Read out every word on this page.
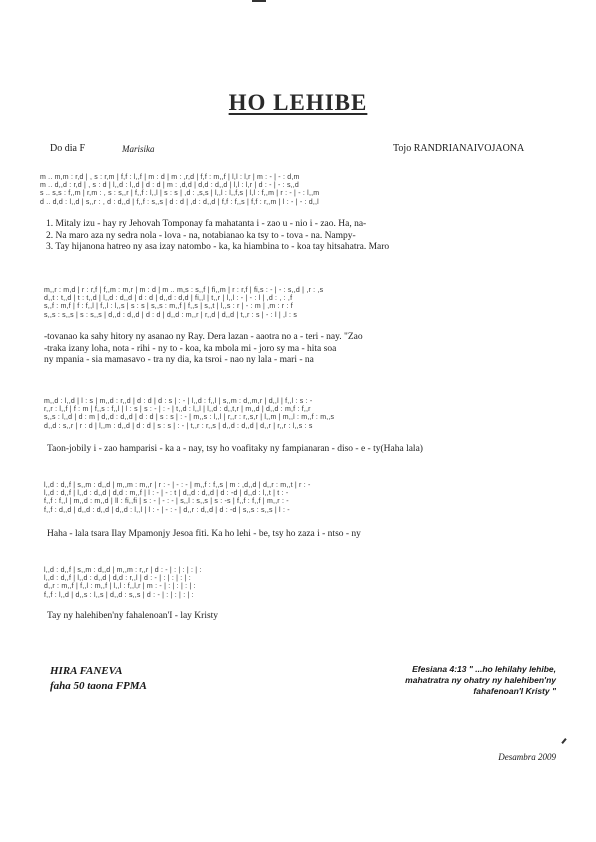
HO LEHIBE
Do dia F	Marisika	Tojo RANDRIANAIVOJAONA
m .. m,m : r,d | , s : r,m | f,f : l,,f | m : d | m : ,r,d | f,f : m,,f | l,l : l,r | m : - | - : d,m
m .. d,,d : r,d | , s : d | l,,d : l,,d | d : d | m : ,d,d | d,d : d,,d | l,l : l,r | d : - | - : s,,d
s .. s,s : f,,m | r,m : , s : s,,r | f,,f : l,,l | s : s | ,d : ,s,s | l,,l : l,,f,s | l,l : f,,m | r : - | - : l,,m
d .. d,d : l,,d | s,,r : , d : d,,d | f,,f : s,,s | d : d | ,d : d,,d | f,f : f,,s | f,f : r,,m | l : - | - : d,,l
1. Mitaly izu - hay ry Jehovah Tomponay fa mahatanta i - zao u - nio i - zao. Ha, na-
2. Na maro aza ny sedra nola - lova - na, notabianao ka tsy to - tova - na. Nampy-
3. Tay hijanona hatreo ny asa izay natombo - ka, ka hiambina to - koa tay hitsahatra. Maro
m,,r : m,d | r : r,f | f,,m : m,r | m : d | m .. m,s : s,,f | fi,,m | r : r,f | fi,s : - | - : s,,d | ,r : ,s
d,,t : t,,d | t : t,,d | l,,d : d,,d | d : d | d,,d : d,d | fi,,l | t,,r | l,,l : - | - : l | ,d : , : ,f
s,,f : m,f | f : f,,l | f,,l : l,,s | s : s | s,,s : m,,f | f,,s | s,,t | l,,s : r | - : m | ,m : r : f
s,,s : s,,s | s : s,,s | d,,d : d,,d | d : d | d,,d : m,,r | r,,d | d,,d | t,,r : s | - : l | ,l : s
-tovanao ka sahy hitory ny asanao ny Ray. Dera lazan - aaotra no a - teri - nay. "Zao
-traka izany loha, nota - rihi - ny to - koa, ka mbola mi - joro sy ma - hita soa
ny mpania - sia mamasavo - tra ny dia, ka tsroi - nao ny lala - mari - na
m,,d : l,,d | l : s | m,,d : r,,d | d : d | d : s | : - | l,,d : f,,l | s,,m : d,,m,r | d,,l | f,,l : s : -
r,,r : l,,f | f : m | f,,s : f,,l | l : s | s : - | : - | t,,d : l,,l | l,,d : d,,t,r | m,,d | d,,d : m,f : f,,r
s,,s : l,,d | d : m | d,,d : d,,d | d : d | s : s | : - | m,,s : l,,l | r,,r : r,,s,r | l,,m | m,,l : m,,f : m,,s
d,,d : s,,r | r : d | l,,m : d,,d | d : d | s : s | : - | t,,r : r,,s | d,,d : d,,d | d,,r | r,,r : l,,s : s
Taon-jobily i - zao hamparisi - ka a - nay, tsy ho voafitaky ny fampianaran - diso - e - ty(Haha lala)
l,,d : d,,f | s,,m : d,,d | m,,m : m,,r | r : - | - : - | m,,f : f,,s | m : ,d,,d | d,,r : m,,t | r : -
l,,d : d,,f | l,,d : d,,d | d,d : m,,f | l : - | - : t | d,,d : d,,d | d : -d | d,,d : l,,t | t : -
f,,f : f,,l | m,,d : m,,d | ll : fi,,fi | s : - | - : - | s,,l : s,,s | s : -s | f,,f : f,,f | m,,r : -
f,,f : d,,d | d,,d : d,,d | d,,d : l,,l | l : - | - : - | d,,r : d,,d | d : -d | s,,s : s,,s | l : -
Haha - lala tsara Ilay Mpamonjy Jesoa fiti. Ka ho lehi - be, tsy ho zaza i - ntso - ny
l,,d : d,,f | s,,m : d,,d | m,,m : r,,r | d : - | : | : | : | :
l,,d : d,,f | l,,d : d,,d | d,d : r,,l | d : - | : | : | : | :
d,,r : m,,f | f,,l : m,,f | l,,l : f,,l,r | m : - | : | : | : | :
f,,f : l,,d | d,,s : l,,s | d,,d : s,,s | d : - | : | : | : | :
Tay ny halehiben'ny fahalenoan'I - lay Kristy
HIRA FANEVA
faha 50 taona FPMA
Efesiana 4:13 " ...ho lehilahy lehibe,
mahatratra ny ohatry ny halehiben'ny
fahafenoan'I Kristy "
Desambra 2009
